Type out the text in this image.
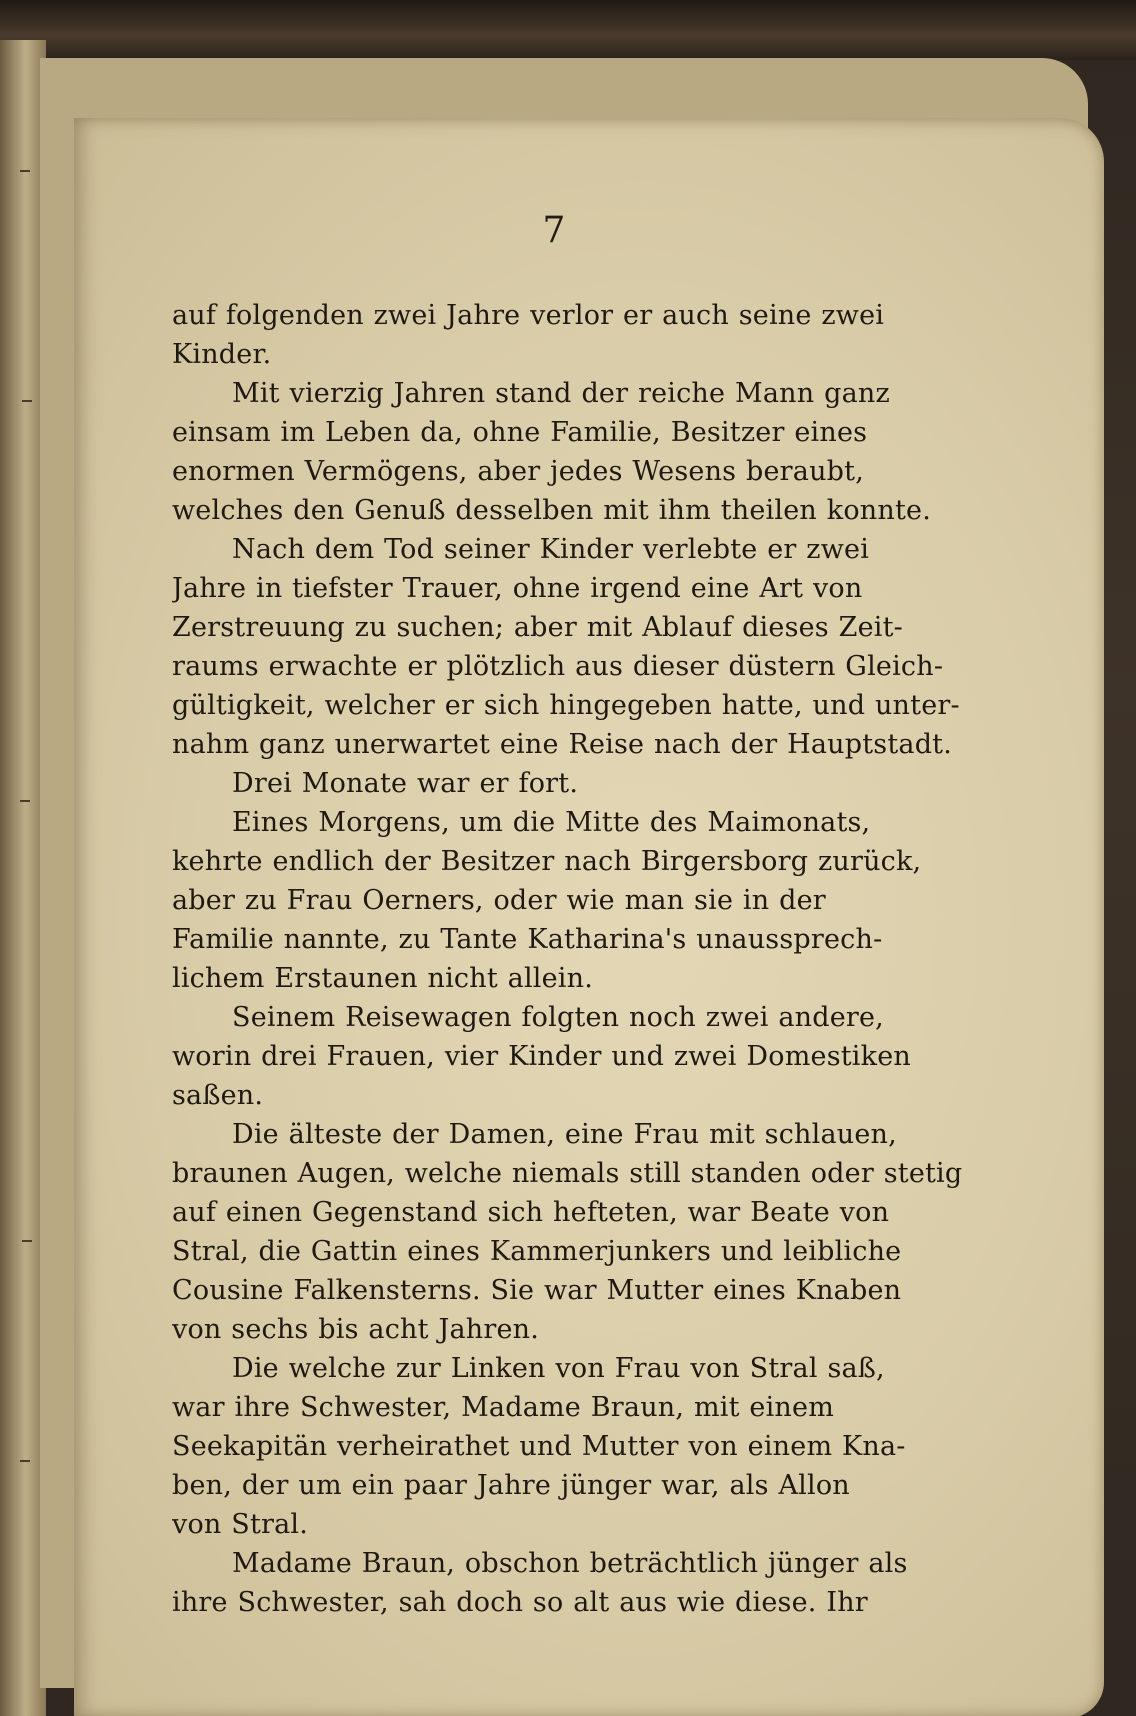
7
auf folgenden zwei Jahre verlor er auch seine zwei
Kinder.
Mit vierzig Jahren stand der reiche Mann ganz
einsam im Leben da, ohne Familie, Besitzer eines
enormen Vermögens, aber jedes Wesens beraubt,
welches den Genuß desselben mit ihm theilen konnte.
Nach dem Tod seiner Kinder verlebte er zwei
Jahre in tiefster Trauer, ohne irgend eine Art von
Zerstreuung zu suchen; aber mit Ablauf dieses Zeit-
raums erwachte er plötzlich aus dieser düstern Gleich-
gültigkeit, welcher er sich hingegeben hatte, und unter-
nahm ganz unerwartet eine Reise nach der Hauptstadt.
Drei Monate war er fort.
Eines Morgens, um die Mitte des Maimonats,
kehrte endlich der Besitzer nach Birgersborg zurück,
aber zu Frau Oerners, oder wie man sie in der
Familie nannte, zu Tante Katharina's unaussprech-
lichem Erstaunen nicht allein.
Seinem Reisewagen folgten noch zwei andere,
worin drei Frauen, vier Kinder und zwei Domestiken
saßen.
Die älteste der Damen, eine Frau mit schlauen,
braunen Augen, welche niemals still standen oder stetig
auf einen Gegenstand sich hefteten, war Beate von
Stral, die Gattin eines Kammerjunkers und leibliche
Cousine Falkensterns. Sie war Mutter eines Knaben
von sechs bis acht Jahren.
Die welche zur Linken von Frau von Stral saß,
war ihre Schwester, Madame Braun, mit einem
Seekapitän verheirathet und Mutter von einem Kna-
ben, der um ein paar Jahre jünger war, als Allon
von Stral.
Madame Braun, obschon beträchtlich jünger als
ihre Schwester, sah doch so alt aus wie diese. Ihr
